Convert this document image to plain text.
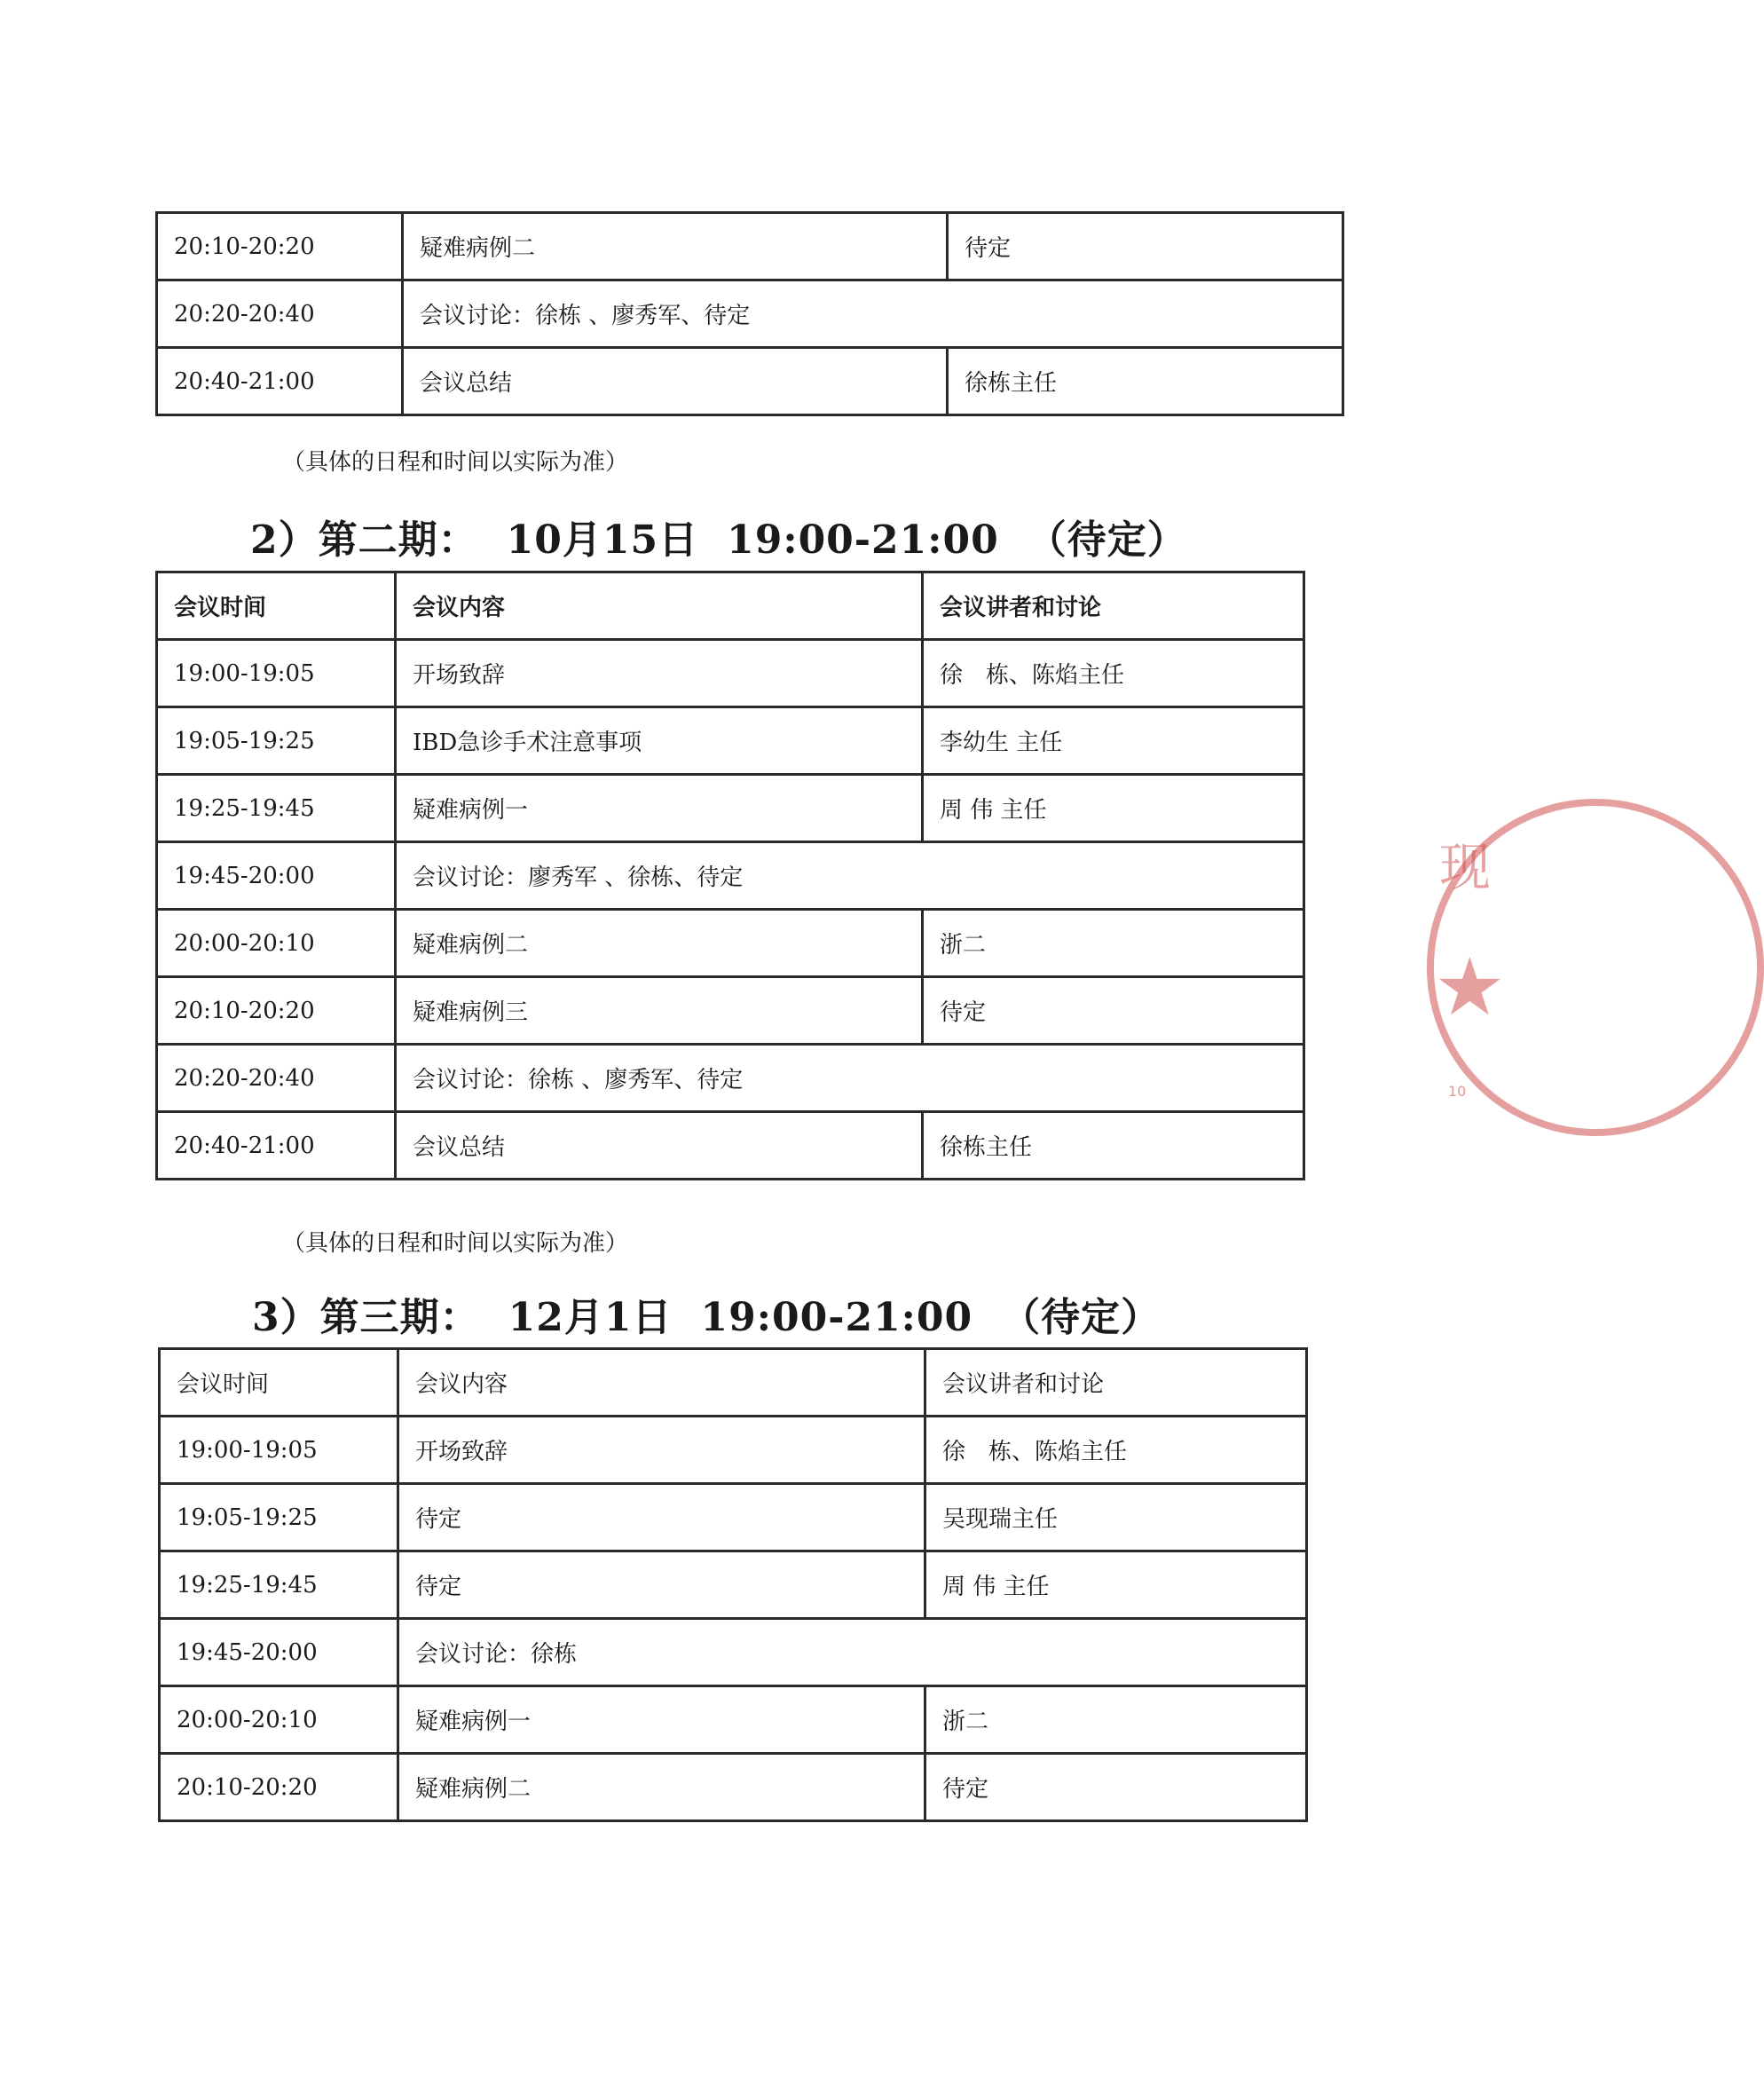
20:10-20:20	疑难病例二	待定
20:20-20:40	会议讨论：徐栋 、廖秀军、待定	
20:40-21:00	会议总结	徐栋主任
（具体的日程和时间以实际为准）
2）第二期： 10月15日 19:00-21:00 （待定）
会议时间	会议内容	会议讲者和讨论
19:00-19:05	开场致辞	徐　栋、陈焰主任
19:05-19:25	IBD急诊手术注意事项	李幼生 主任
19:25-19:45	疑难病例一	周 伟 主任
19:45-20:00	会议讨论：廖秀军 、徐栋、待定	
20:00-20:10	疑难病例二	浙二
20:10-20:20	疑难病例三	待定
20:20-20:40	会议讨论：徐栋 、廖秀军、待定	
20:40-21:00	会议总结	徐栋主任
（具体的日程和时间以实际为准）
3）第三期： 12月1日 19:00-21:00 （待定）
会议时间	会议内容	会议讲者和讨论
19:00-19:05	开场致辞	徐　栋、陈焰主任
19:05-19:25	待定	吴现瑞主任
19:25-19:45	待定	周 伟 主任
19:45-20:00	会议讨论：徐栋	
20:00-20:10	疑难病例一	浙二
20:10-20:20	疑难病例二	待定
现
★
10
